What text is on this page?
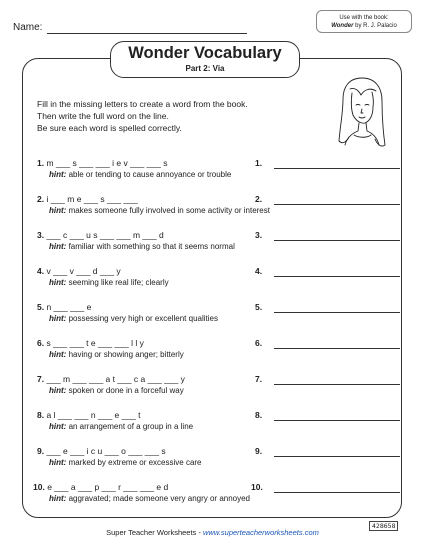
Name:
Use with the book:
Wonder by R. J. Palacio
Wonder Vocabulary
Part 2: Via
Fill in the missing letters to create a word from the book.
Then write the full word on the line.
Be sure each word is spelled correctly.
1. m ___ s ___ ___ i e v ___ ___ s
hint: able or tending to cause annoyance or trouble
1.
2. i ___ m e ___ s ___ ___
hint: makes someone fully involved in some activity or interest
2.
3. ___ c ___ u s ___ ___ m ___ d
hint: familiar with something so that it seems normal
3.
4. v ___ v ___ d ___ y
hint: seeming like real life; clearly
4.
5. n ___ ___ e
hint: possessing very high or excellent qualities
5.
6. s ___ ___ t e ___ ___ l l y
hint: having or showing anger; bitterly
6.
7. ___ m ___ ___ a t ___ c a ___ ___ y
hint: spoken or done in a forceful way
7.
8. a l ___ ___ n ___ e ___ t
hint: an arrangement of a group in a line
8.
9. ___ e ___ i c u ___ o ___ ___ s
hint: marked by extreme or excessive care
9.
10. e ___ a ___ p ___ r ___ ___ e d
hint: aggravated; made someone very angry or annoyed
10.
428658
Super Teacher Worksheets - www.superteacherworksheets.com
